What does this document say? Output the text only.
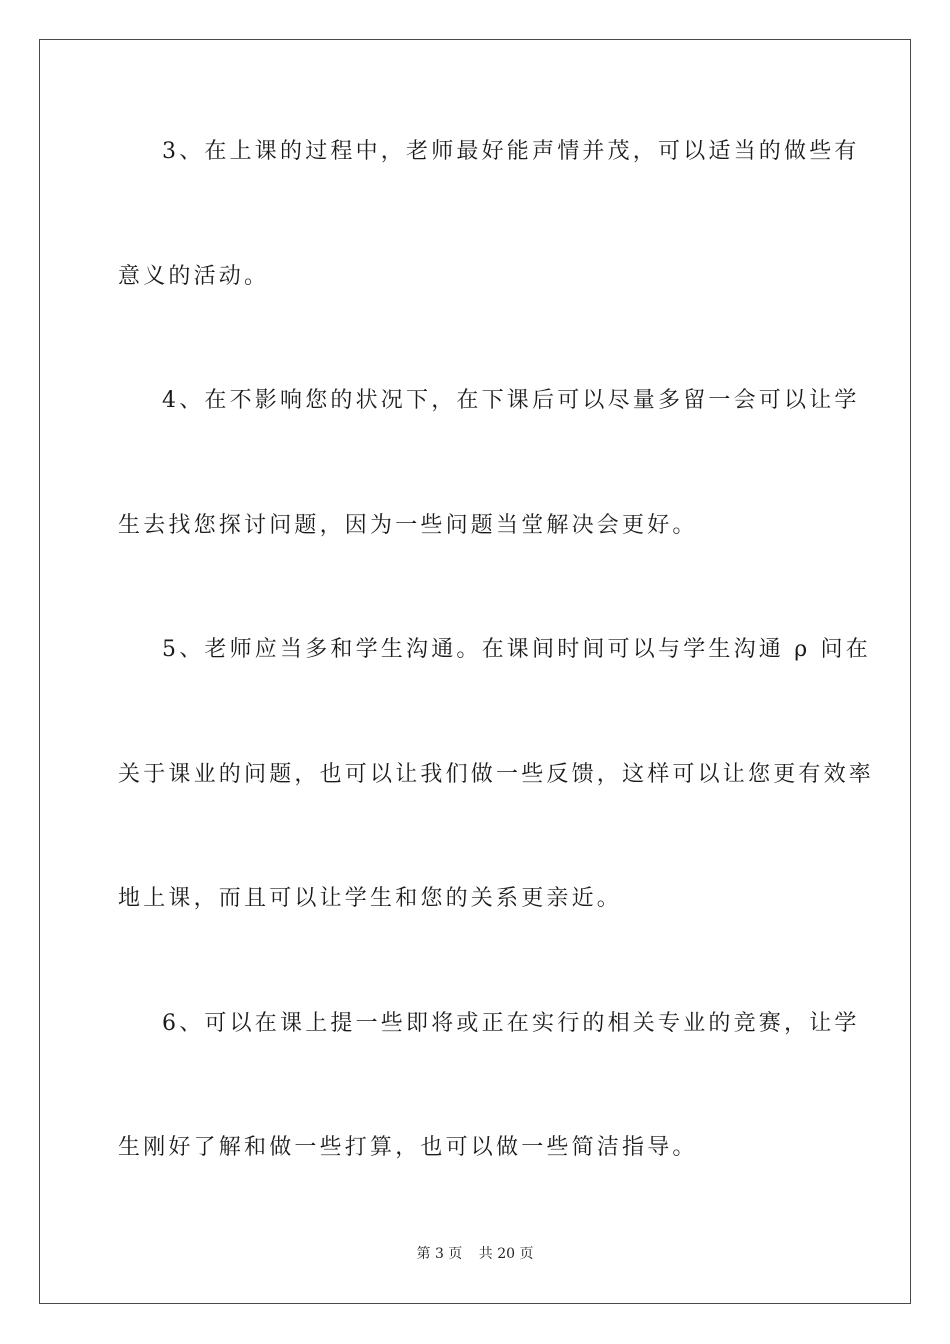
3、在上课的过程中，老师最好能声情并茂，可以适当的做些有
意义的活动。
4、在不影响您的状况下，在下课后可以尽量多留一会可以让学
生去找您探讨问题，因为一些问题当堂解决会更好。
5、老师应当多和学生沟通。在课间时间可以与学生沟通 ρ 问在
关于课业的问题，也可以让我们做一些反馈，这样可以让您更有效率
地上课，而且可以让学生和您的关系更亲近。
6、可以在课上提一些即将或正在实行的相关专业的竞赛，让学
生刚好了解和做一些打算，也可以做一些简洁指导。
第 3 页 共 20 页
